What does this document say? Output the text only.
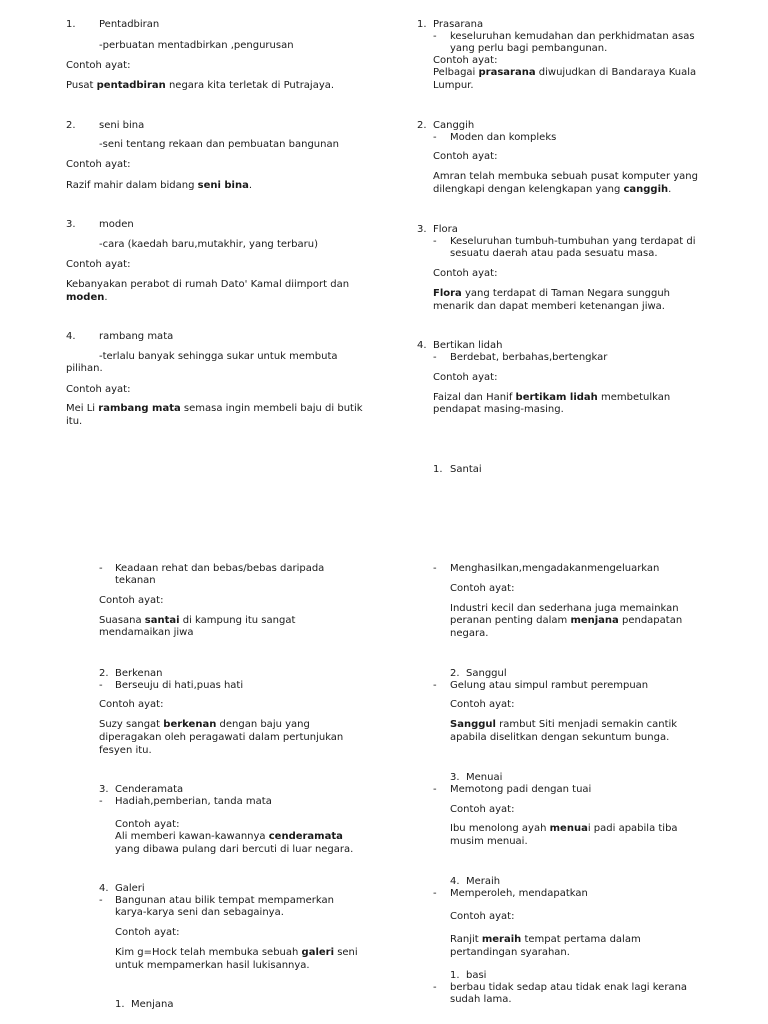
1. Pentadbiran
-perbuatan mentadbirkan ,pengurusan
Contoh ayat:
Pusat pentadbiran negara kita terletak di Putrajaya.
2. seni bina
-seni tentang rekaan dan pembuatan bangunan
Contoh ayat:
Razif mahir dalam bidang seni bina.
3. moden
-cara (kaedah baru,mutakhir, yang terbaru)
Contoh ayat:
Kebanyakan perabot di rumah Dato' Kamal diimport dan
moden.
4. rambang mata
-terlalu banyak sehingga sukar untuk membuta
pilihan.
Contoh ayat:
Mei Li rambang mata semasa ingin membeli baju di butik
itu.
1. Prasarana
- keseluruhan kemudahan dan perkhidmatan asas
yang perlu bagi pembangunan.
Contoh ayat:
Pelbagai prasarana diwujudkan di Bandaraya Kuala
Lumpur.
2. Canggih
- Moden dan kompleks
Contoh ayat:
Amran telah membuka sebuah pusat komputer yang
dilengkapi dengan kelengkapan yang canggih.
3. Flora
- Keseluruhan tumbuh-tumbuhan yang terdapat di
sesuatu daerah atau pada sesuatu masa.
Contoh ayat:
Flora yang terdapat di Taman Negara sungguh
menarik dan dapat memberi ketenangan jiwa.
4. Bertikan lidah
- Berdebat, berbahas,bertengkar
Contoh ayat:
Faizal dan Hanif bertikam lidah membetulkan
pendapat masing-masing.
1. Santai
- Keadaan rehat dan bebas/bebas daripada
tekanan
Contoh ayat:
Suasana santai di kampung itu sangat
mendamaikan jiwa
2. Berkenan
- Berseuju di hati,puas hati
Contoh ayat:
Suzy sangat berkenan dengan baju yang
diperagakan oleh peragawati dalam pertunjukan
fesyen itu.
3. Cenderamata
- Hadiah,pemberian, tanda mata
Contoh ayat:
Ali memberi kawan-kawannya cenderamata
yang dibawa pulang dari bercuti di luar negara.
4. Galeri
- Bangunan atau bilik tempat mempamerkan
karya-karya seni dan sebagainya.
Contoh ayat:
Kim g=Hock telah membuka sebuah galeri seni
untuk mempamerkan hasil lukisannya.
1. Menjana
- Menghasilkan,mengadakanmengeluarkan
Contoh ayat:
Industri kecil dan sederhana juga memainkan
peranan penting dalam menjana pendapatan
negara.
2. Sanggul
- Gelung atau simpul rambut perempuan
Contoh ayat:
Sanggul rambut Siti menjadi semakin cantik
apabila diselitkan dengan sekuntum bunga.
3. Menuai
- Memotong padi dengan tuai
Contoh ayat:
Ibu menolong ayah menuai padi apabila tiba
musim menuai.
4. Meraih
- Memperoleh, mendapatkan
Contoh ayat:
Ranjit meraih tempat pertama dalam
pertandingan syarahan.
1. basi
- berbau tidak sedap atau tidak enak lagi kerana
sudah lama.
